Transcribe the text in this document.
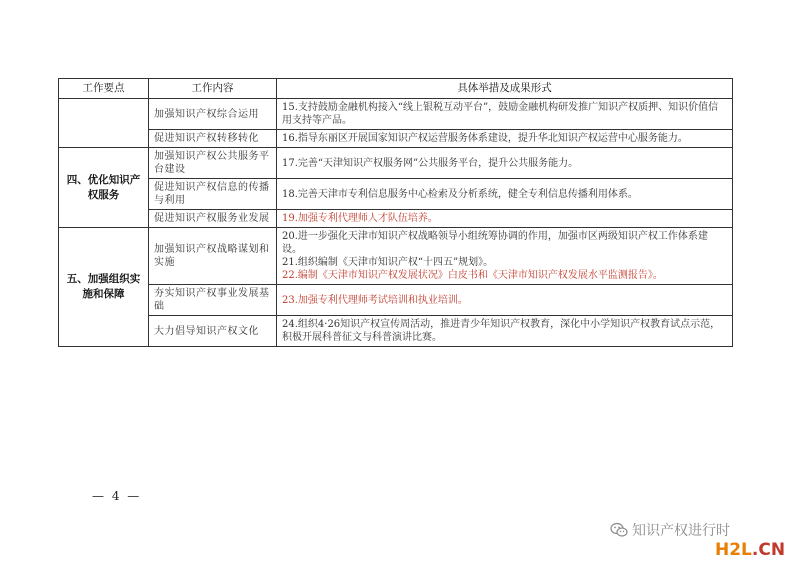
工作要点	工作内容	具体举措及成果形式
	加强知识产权综合运用	15.支持鼓励金融机构接入“线上银税互动平台”，鼓励金融机构研发推广知识产权质押、知识价值信用支持等产品。

	促进知识产权转移转化	16.指导东丽区开展国家知识产权运营服务体系建设，提升华北知识产权运营中心服务能力。

四、优化知识产权服务	加强知识产权公共服务平台建设	17.完善“天津知识产权服务网”公共服务平台，提升公共服务能力。

	促进知识产权信息的传播与利用	18.完善天津市专利信息服务中心检索及分析系统，健全专利信息传播利用体系。

	促进知识产权服务业发展	19.加强专利代理师人才队伍培养。

五、加强组织实施和保障	加强知识产权战略谋划和实施	20.进一步强化天津市知识产权战略领导小组统筹协调的作用，加强市区两级知识产权工作体系建设。
21.组织编制《天津市知识产权“十四五”规划》。
22.编制《天津市知识产权发展状况》白皮书和《天津市知识产权发展水平监测报告》。

	夯实知识产权事业发展基础	23.加强专利代理师考试培训和执业培训。

	大力倡导知识产权文化	24.组织4·26知识产权宣传周活动，推进青少年知识产权教育，深化中小学知识产权教育试点示范，积极开展科普征文与科普演讲比赛。
— 4 —
知识产权进行时
H2L.CN
